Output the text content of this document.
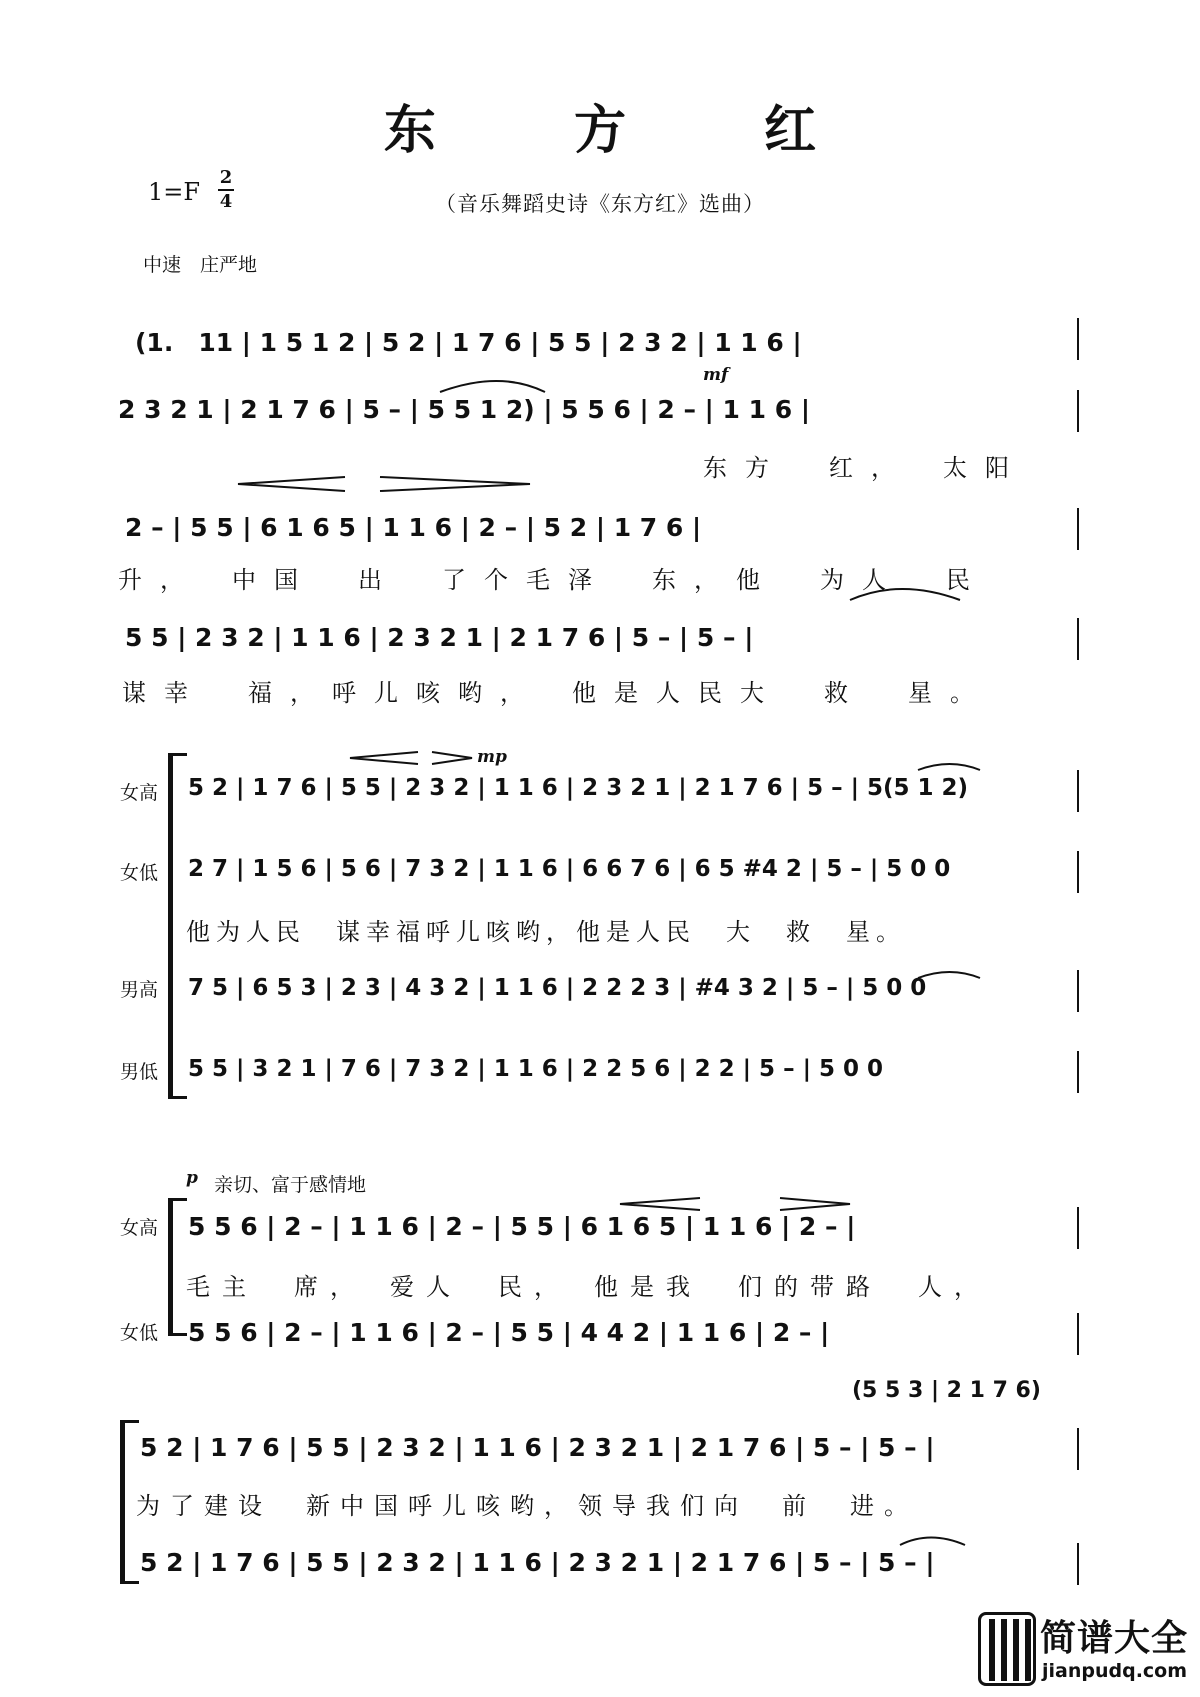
东 方 红
（音乐舞蹈史诗《东方红》选曲）
1=F
2
4
中速　庄严地
(1.　11 | 1 5 1 2 | 5 2 | 1 7 6 | 5 5 | 2 3 2 | 1 1 6 |
2 3 2 1 | 2 1 7 6 | 5 – | 5 5 1 2) | 5 5 6 | 2 – | 1 1 6 |
东方　红，　太阳
2 – | 5 5 | 6 1 6 5 | 1 1 6 | 2 – | 5 2 | 1 7 6 |
升，　中国　出　了个毛泽　东，他　为人　民
5 5 | 2 3 2 | 1 1 6 | 2 3 2 1 | 2 1 7 6 | 5 – | 5 – |
谋幸　福，呼儿咳哟，　他是人民大　救　星。
女高
女低
男高
男低
5 2 | 1 7 6 | 5 5 | 2 3 2 | 1 1 6 | 2 3 2 1 | 2 1 7 6 | 5 – | 5(5 1 2)
2 7 | 1 5 6 | 5 6 | 7 3 2 | 1 1 6 | 6 6 7 6 | 6 5 #4 2 | 5 – | 5 0 0
他为人民　谋幸福呼儿咳哟，他是人民　大　救　星。
7 5 | 6 5 3 | 2 3 | 4 3 2 | 1 1 6 | 2 2 2 3 | #4 3 2 | 5 – | 5 0 0
5 5 | 3 2 1 | 7 6 | 7 3 2 | 1 1 6 | 2 2 5 6 | 2 2 | 5 – | 5 0 0
p 亲切、富于感情地
女高
女低
5 5 6 | 2 – | 1 1 6 | 2 – | 5 5 | 6 1 6 5 | 1 1 6 | 2 – |
毛主　席，　爱人　民，　他是我　们的带路　人，
5 5 6 | 2 – | 1 1 6 | 2 – | 5 5 | 4 4 2 | 1 1 6 | 2 – |
(5 5 3 | 2 1 7 6)
5 2 | 1 7 6 | 5 5 | 2 3 2 | 1 1 6 | 2 3 2 1 | 2 1 7 6 | 5 – | 5 – |
为了建设　新中国呼儿咳哟，领导我们向　前　进。
5 2 | 1 7 6 | 5 5 | 2 3 2 | 1 1 6 | 2 3 2 1 | 2 1 7 6 | 5 – | 5 – |
mf
mp
简谱大全
jianpudq.com
